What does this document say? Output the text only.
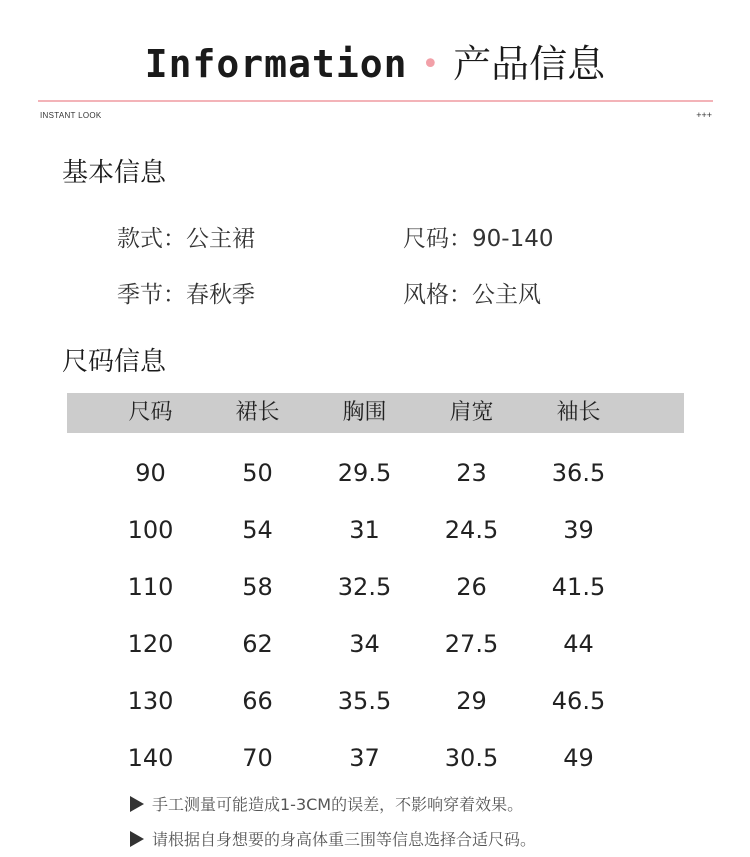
Information • 产品信息
INSTANT LOOK	+++
基本信息
款式：公主裙	尺码：90-140
季节：春秋季	风格：公主风
尺码信息
尺码	裙长	胸围	肩宽	袖长
90	50	29.5	23	36.5
100	54	31	24.5	39
110	58	32.5	26	41.5
120	62	34	27.5	44
130	66	35.5	29	46.5
140	70	37	30.5	49
手工测量可能造成1-3CM的误差，不影响穿着效果。
请根据自身想要的身高体重三围等信息选择合适尺码。
